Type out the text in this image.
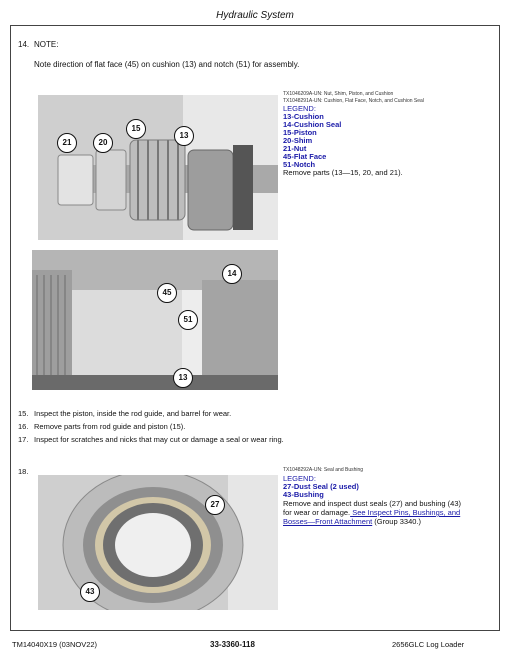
Hydraulic System
14. NOTE:
Note direction of flat face (45) on cushion (13) and notch (51) for assembly.
21	20
15
13
14
45
51
13
TX1046209A-UN: Nut, Shim, Piston, and Cushion
TX1048291A-UN: Cushion, Flat Face, Notch, and Cushion Seal
LEGEND:
13-Cushion
14-Cushion Seal
15-Piston
20-Shim
21-Nut
45-Flat Face
51-Notch
Remove parts (13—15, 20, and 21).
15. Inspect the piston, inside the rod guide, and barrel for wear.
16. Remove parts from rod guide and piston (15).
17. Inspect for scratches and nicks that may cut or damage a seal or wear ring.
18.
27
43
TX1048292A-UN: Seal and Bushing
LEGEND:
27-Dust Seal (2 used)
43-Bushing
Remove and inspect dust seals (27) and bushing (43)
for wear or damage. See Inspect Pins, Bushings, and
Bosses—Front Attachment (Group 3340.)
TM14040X19 (03NOV22)	33-3360-118	2656GLC Log Loader
